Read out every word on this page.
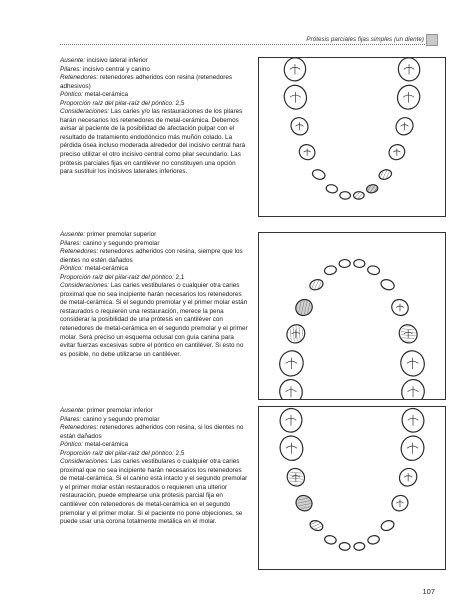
Prótesis parciales fijas simples (un diente)

Ausente: incisivo lateral inferior

Pilares: incisivo central y canino

Retenedores: retenedores adheridos con resina (retenedores adhesivos)

Póntico: metal-cerámica

Proporción raíz del pilar-raíz del póntico: 2,5

Consideraciones: Las caries y/o las restauraciones de los pilares harán necesarios los retenedores de metal-cerámica. Debemos avisar al paciente de la posibilidad de afectación pulpar con el resultado de tratamiento endodóncico más muñón colado. La pérdida ósea incluso moderada alrededor del incisivo central hará preciso utilizar el otro incisivo central como pilar secundario. Las prótesis parciales fijas en cantiléver no constituyen una opción para sustituir los incisivos laterales inferiores.

Ausente: primer premolar superior

Pilares: canino y segundo premolar

Retenedores: retenedores adheridos con resina, siempre que los dientes no estén dañados

Póntico: metal-cerámica

Proporción raíz del pilar-raíz del póntico: 2,1

Consideraciones: Las caries vestibulares o cualquier otra caries proximal que no sea incipiente harán necesarios los retenedores de metal-cerámica. Si el segundo premolar y el primer molar están restaurados o requieren una restauración, merece la pena considerar la posibilidad de una prótesis en cantiléver con retenedores de metal-cerámica en el segundo premolar y el primer molar. Será preciso un esquema oclusal con guía canina para evitar fuerzas excesivas sobre el póntico en cantiléver. Si esto no es posible, no debe utilizarse un cantiléver.

Ausente: primer premolar inferior

Pilares: canino y segundo premolar

Retenedores: retenedores adheridos con resina, si los dientes no están dañados

Póntico: metal-cerámica

Proporción raíz del pilar-raíz del póntico: 2,5

Consideraciones: Las caries vestibulares o cualquier otra caries proximal que no sea incipiente harán necesarios los retenedores de metal-cerámica. Si el canino está intacto y el segundo premolar y el primer molar están restaurados o requieren una ulterior restauración, puede emplearse una prótesis parcial fija en cantiléver con retenedores de metal-cerámica en el segundo premolar y el primer molar. Si el paciente no pone objeciones, se puede usar una corona totalmente metálica en el molar.

107
